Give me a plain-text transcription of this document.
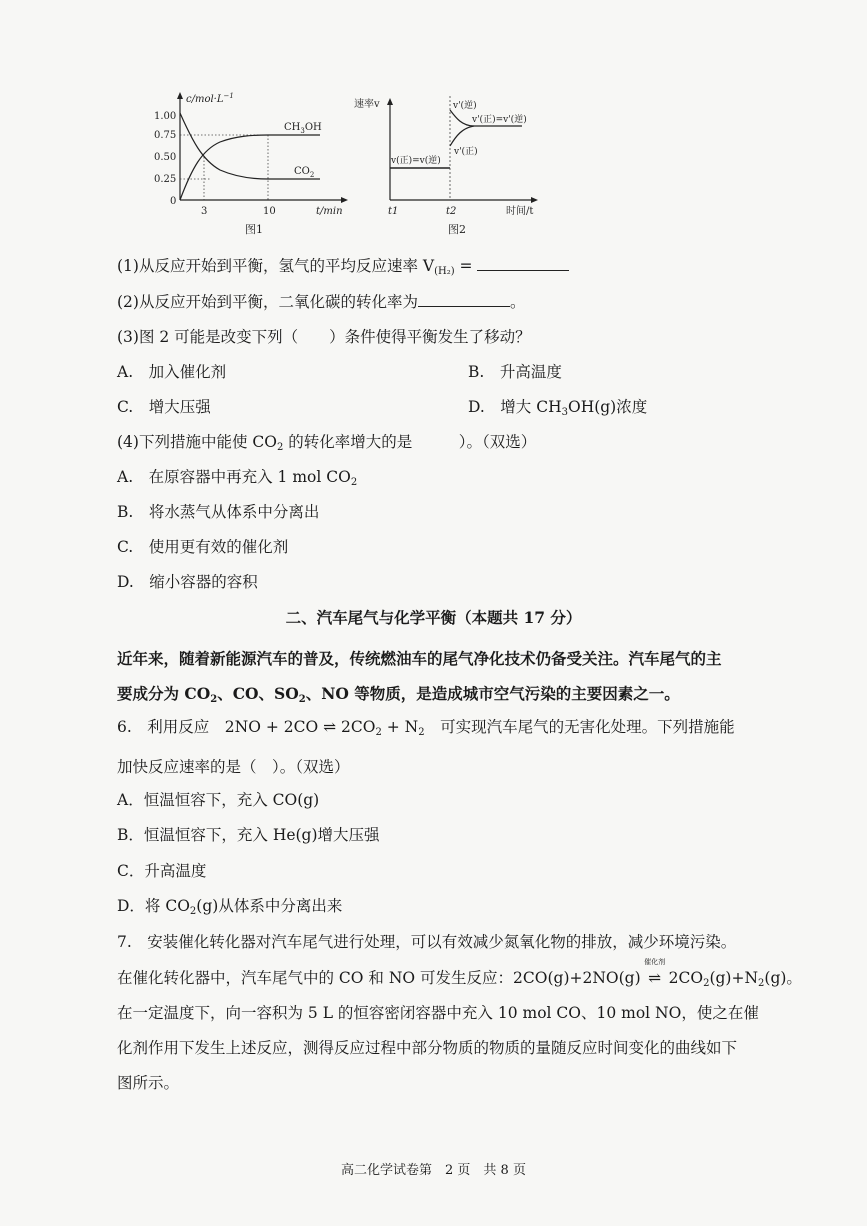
$c/mol\cdot L^{-1}$
1.00
0.75
0.50
0.25
0
$CH_3OH$
$CO_2$
3	10	t/min
图1
速率v
v(正)=v(逆)
v'(逆)
v'(正)=v'(逆)
v'(正)
t1	t2	时间/t
图2
(1)从反应开始到平衡，氢气的平均反应速率 $V_{(H_2)}$ =
(2)从反应开始到平衡，二氧化碳的转化率为	。
(3)图 2 可能是改变下列（　　）条件使得平衡发生了移动？
A.　加入催化剂	B.　升高温度
C.　增大压强	D.　增大 $CH_3OH(g)$浓度
(4)下列措施中能使 $CO_2$ 的转化率增大的是　　　）。（双选）
A.　在原容器中再充入 1 mol $CO_2$
B.　将水蒸气从体系中分离出
C.　使用更有效的催化剂
D.　缩小容器的容积
二、汽车尾气与化学平衡（本题共 17 分）
近年来，随着新能源汽车的普及，传统燃油车的尾气净化技术仍备受关注。汽车尾气的主
要成分为 $CO_2$、CO、$SO_2$、NO 等物质，是造成城市空气污染的主要因素之一。
6.　利用反应　2NO + 2CO ⇌ $2CO_2 + N_2$　可实现汽车尾气的无害化处理。下列措施能
加快反应速率的是（　）。（双选）
A．恒温恒容下，充入 CO(g)
B．恒温恒容下，充入 He(g)增大压强
C．升高温度
D．将 $CO_2(g)$从体系中分离出来
7.　安装催化转化器对汽车尾气进行处理，可以有效减少氮氧化物的排放，减少环境污染。
在催化转化器中，汽车尾气中的 CO 和 NO 可发生反应：2CO(g)+2NO(g)
催化剂
⇌ $2CO_2(g)+N_2(g)$。
在一定温度下，向一容积为 5 L 的恒容密闭容器中充入 10 mol CO、10 mol NO，使之在催
化剂作用下发生上述反应，测得反应过程中部分物质的物质的量随反应时间变化的曲线如下
图所示。
高二化学试卷第　2 页　共 8 页
